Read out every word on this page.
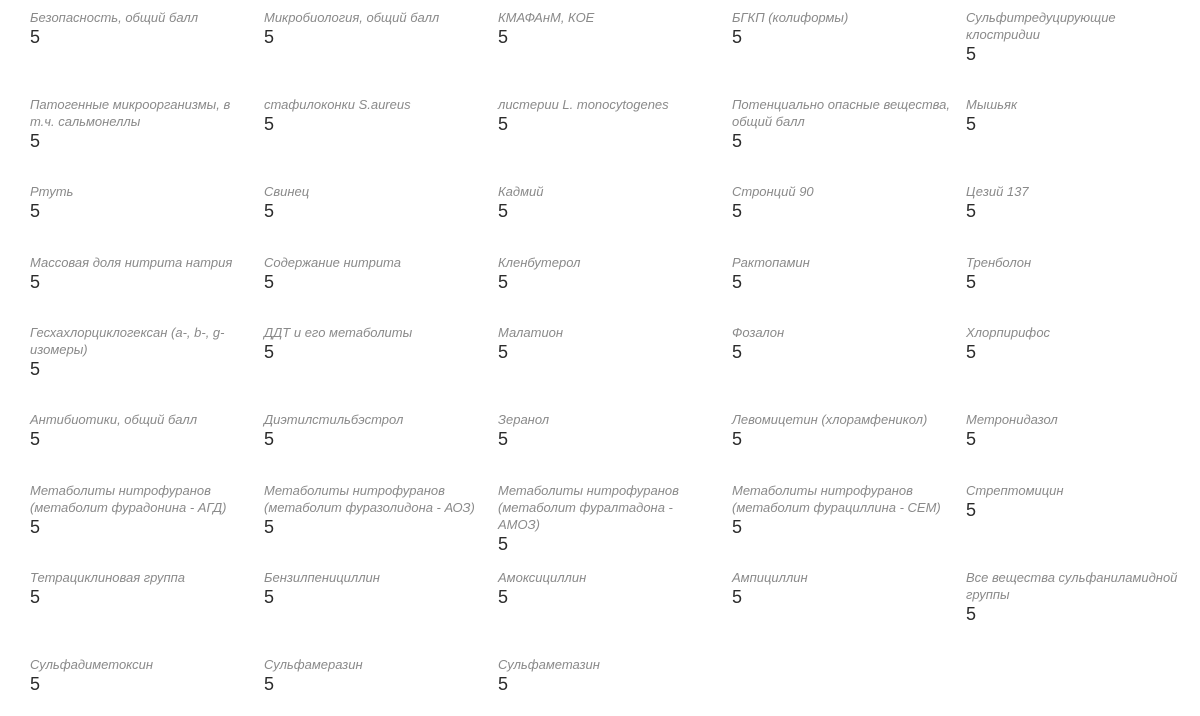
Безопасность, общий балл
5
Микробиология, общий балл
5
КМАФАнМ, КОЕ
5
БГКП (колиформы)
5
Сульфитредуцирующие клостридии
5
Патогенные микроорганизмы, в т.ч. сальмонеллы
5
стафилоконки S.aureus
5
листерии L. monocytogenes
5
Потенциально опасные вещества, общий балл
5
Мышьяк
5
Ртуть
5
Свинец
5
Кадмий
5
Стронций 90
5
Цезий 137
5
Массовая доля нитрита натрия
5
Содержание нитрита
5
Кленбутерол
5
Рактопамин
5
Тренболон
5
Гесхахлорциклогексан (a-, b-, g-изомеры)
5
ДДТ и его метаболиты
5
Малатион
5
Фозалон
5
Хлорпирифос
5
Антибиотики, общий балл
5
Диэтилстильбэстрол
5
Зеранол
5
Левомицетин (хлорамфеникол)
5
Метронидазол
5
Метаболиты нитрофуранов (метаболит фурадонина - АГД)
5
Метаболиты нитрофуранов (метаболит фуразолидона - АОЗ)
5
Метаболиты нитрофуранов (метаболит фуралтадона - АМОЗ)
5
Метаболиты нитрофуранов (метаболит фурациллина - СЕМ)
5
Стрептомицин
5
Тетрациклиновая группа
5
Бензилпенициллин
5
Амоксициллин
5
Ампициллин
5
Все вещества сульфаниламидной группы
5
Сульфадиметоксин
5
Сульфамеразин
5
Сульфаметазин
5
